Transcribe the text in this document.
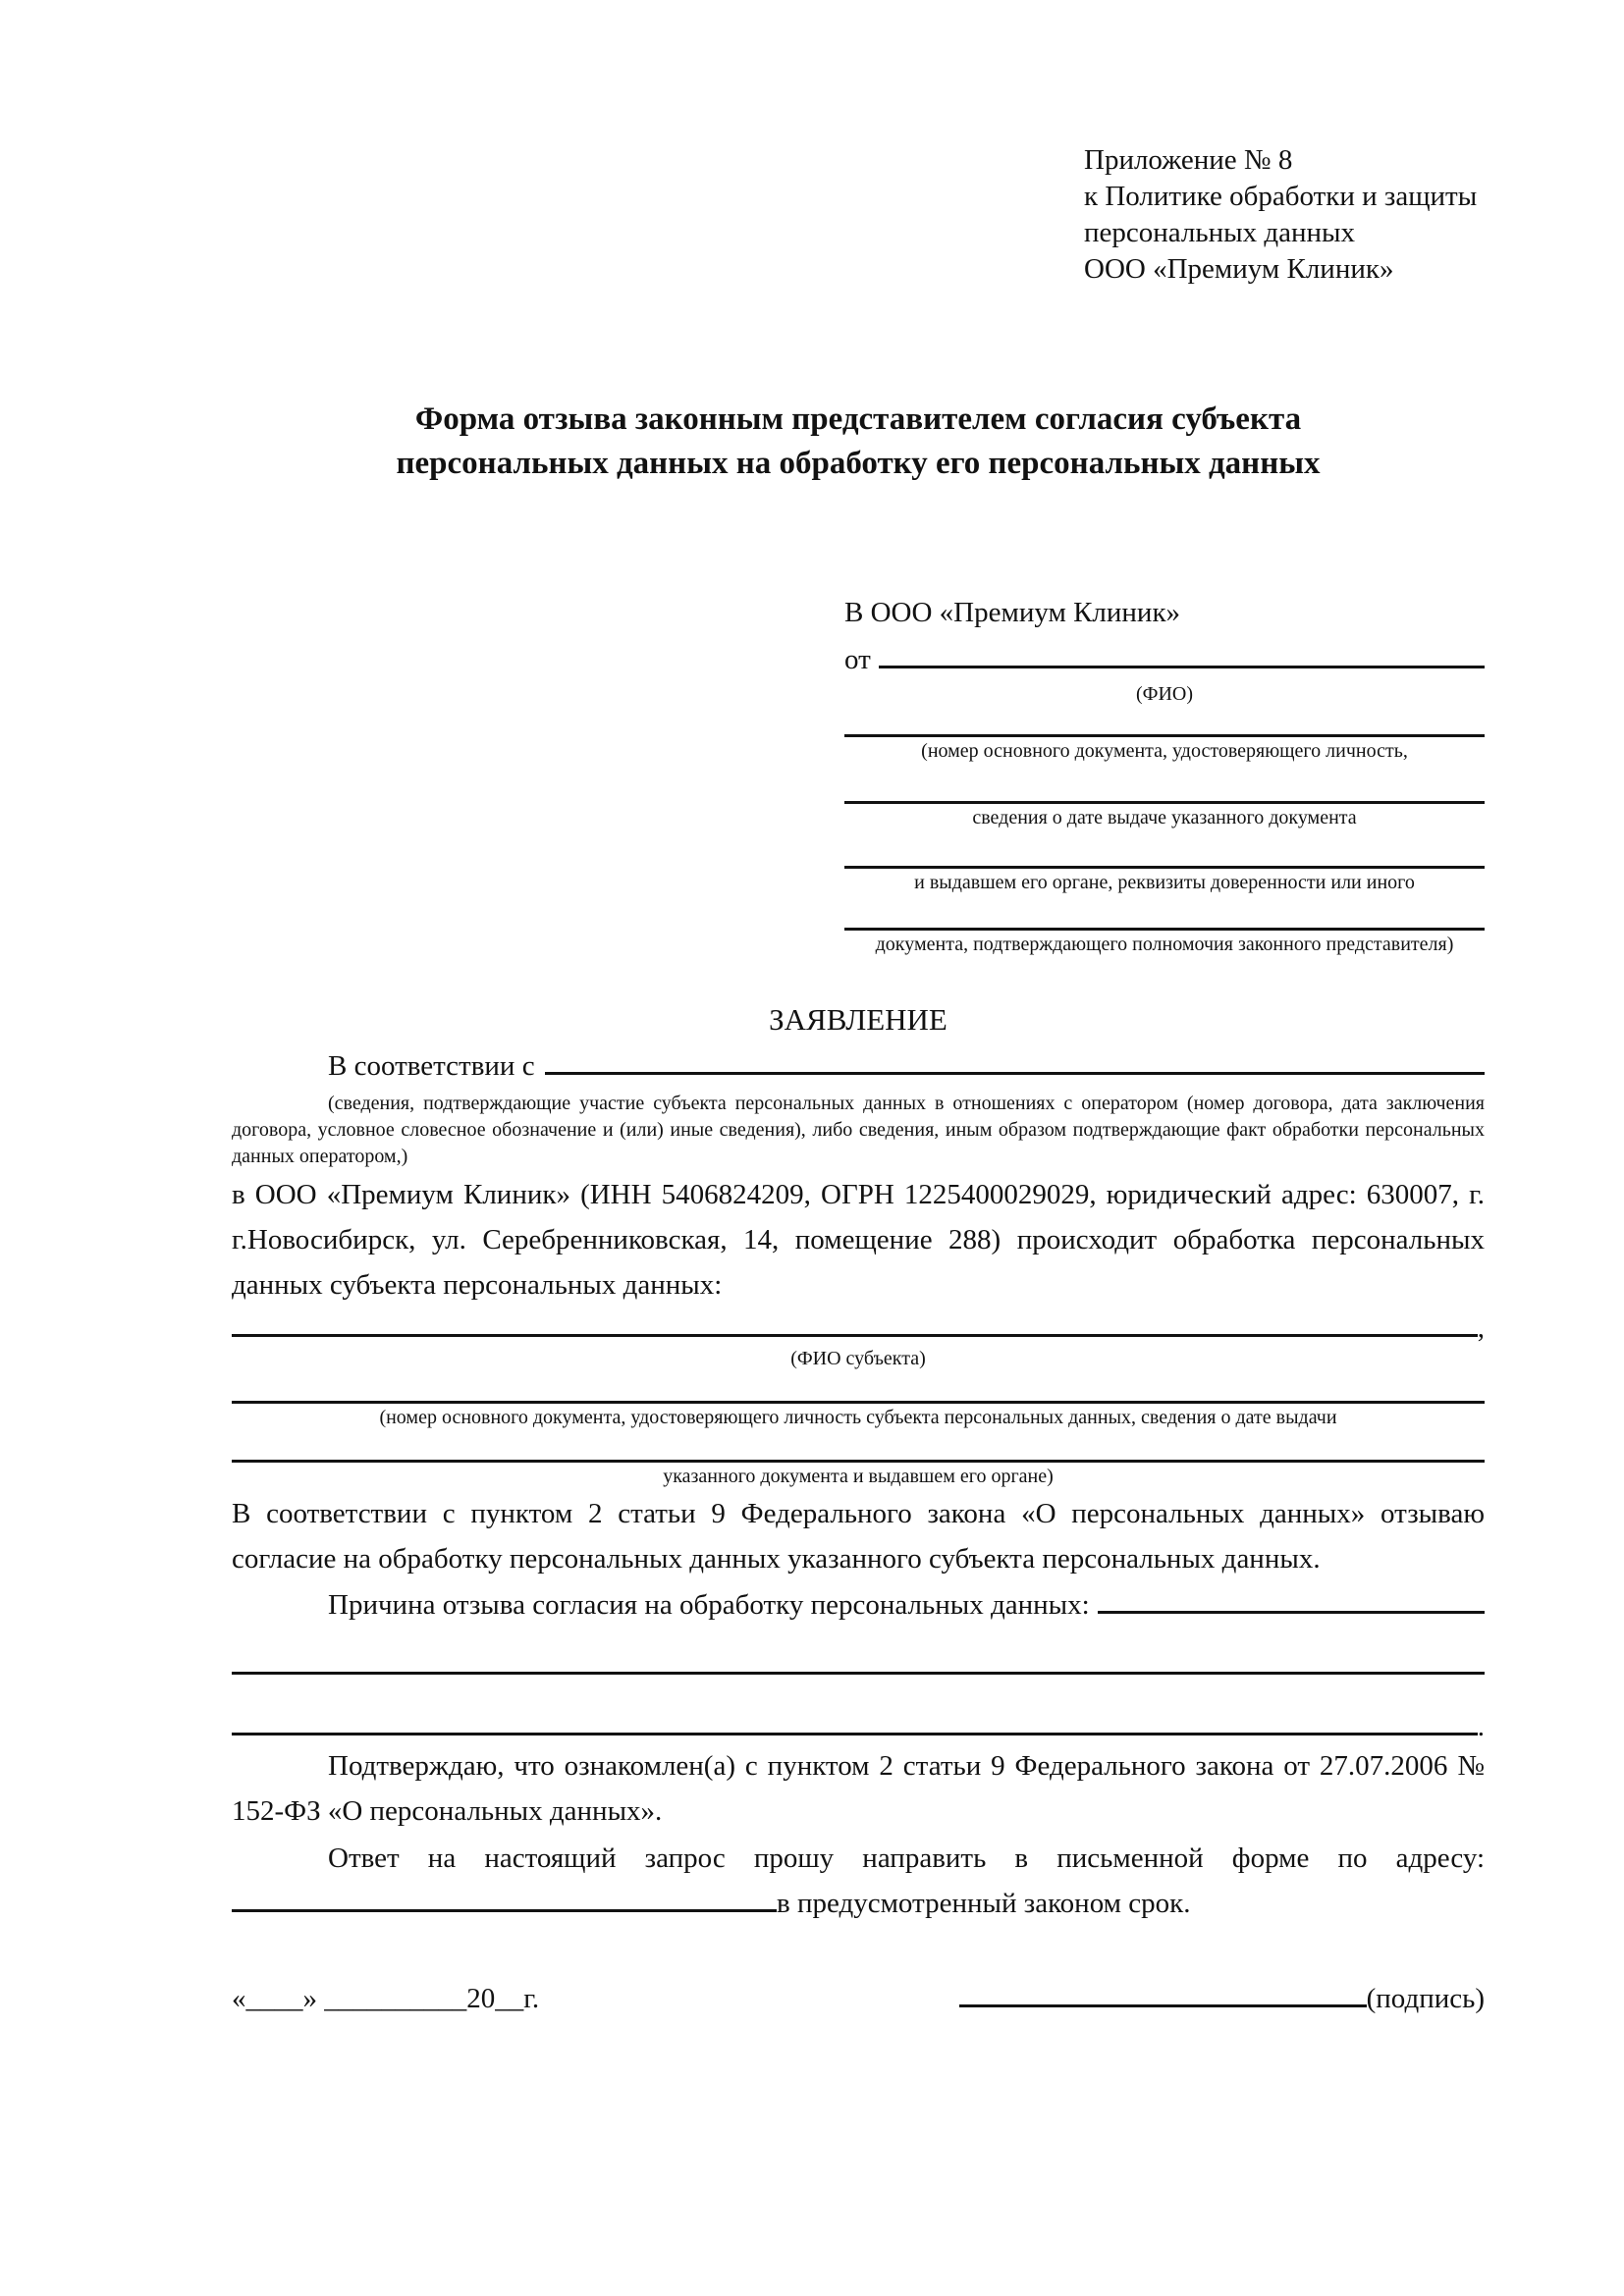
Приложение № 8
к Политике обработки и защиты
персональных данных
ООО «Премиум Клиник»
Форма отзыва законным представителем согласия субъекта
персональных данных на обработку его персональных данных
В ООО «Премиум Клиник»
от
(ФИО)
(номер основного документа, удостоверяющего личность,
сведения о дате выдаче указанного документа
и выдавшем его органе, реквизиты доверенности или иного
документа, подтверждающего полномочия законного представителя)
ЗАЯВЛЕНИЕ
В соответствии с

(сведения, подтверждающие участие субъекта персональных данных в отношениях с оператором (номер договора, дата заключения договора, условное словесное обозначение и (или) иные сведения), либо сведения, иным образом подтверждающие факт обработки персональных данных оператором,)

в ООО «Премиум Клиник» (ИНН 5406824209, ОГРН 1225400029029, юридический адрес: 630007, г. г.Новосибирск, ул. Серебренниковская, 14, помещение 288) происходит обработка персональных данных субъекта персональных данных:

,
(ФИО субъекта)
(номер основного документа, удостоверяющего личность субъекта персональных данных, сведения о дате выдачи
указанного документа и выдавшем его органе)

В соответствии с пунктом 2 статьи 9 Федерального закона «О персональных данных» отзываю согласие на обработку персональных данных указанного субъекта персональных данных.

Причина отзыва согласия на обработку персональных данных:
.

Подтверждаю, что ознакомлен(а) с пунктом 2 статьи 9 Федерального закона от 27.07.2006 № 152-ФЗ «О персональных данных».

Ответ на настоящий запрос прошу направить в письменной форме по адресу:

в предусмотренный законом срок.
«____» __________20__г.	(подпись)
